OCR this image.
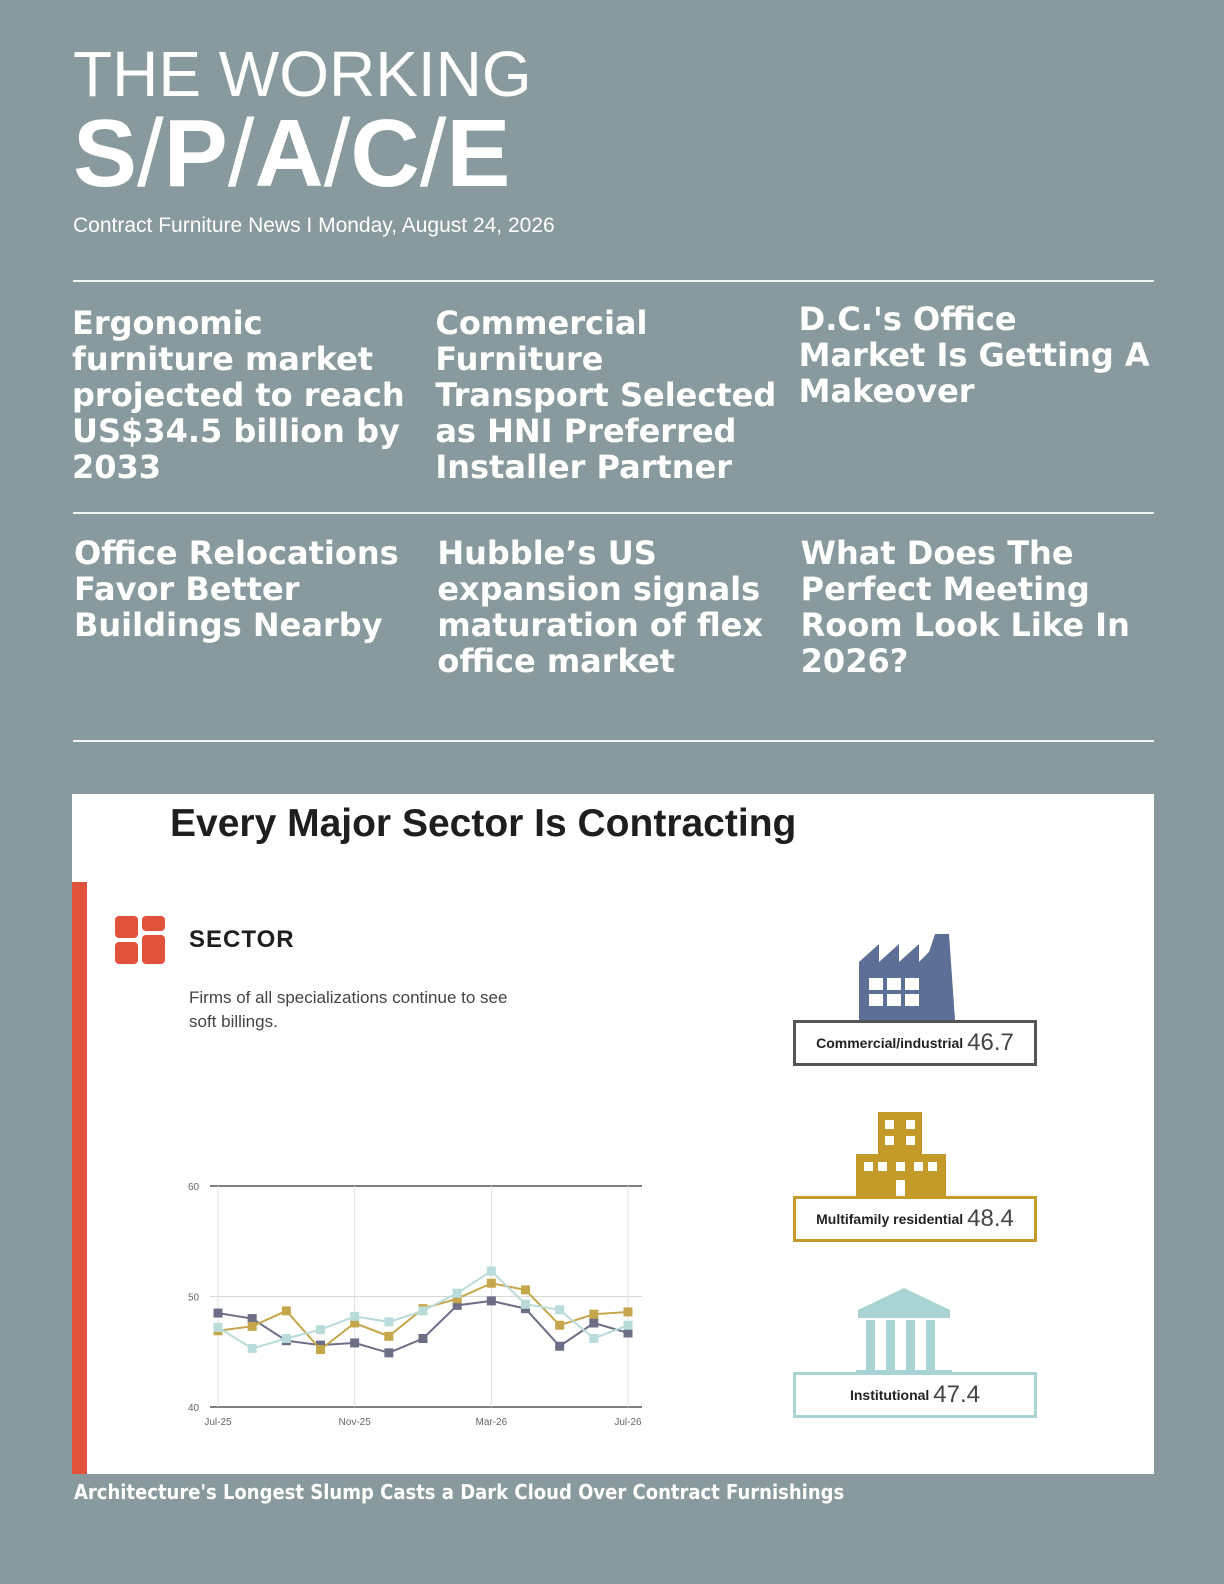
THE WORKING
S/P/A/C/E
Contract Furniture News I Monday, August 24, 2026
Ergonomic furniture market projected to reach US$34.5 billion by 2033
Commercial Furniture Transport Selected as HNI Preferred Installer Partner
D.C.'s Office Market Is Getting A Makeover
Office Relocations Favor Better Buildings Nearby
Hubble’s US expansion signals maturation of flex office market
What Does The Perfect Meeting Room Look Like In 2026?
Every Major Sector Is Contracting
SECTOR
Firms of all specializations continue to see soft billings.
40
50
60
Jul-25	Nov-25	Mar-26	Jul-26
Commercial/industrial 46.7
Multifamily residential 48.4
Institutional 47.4
Architecture's Longest Slump Casts a Dark Cloud Over Contract Furnishings
